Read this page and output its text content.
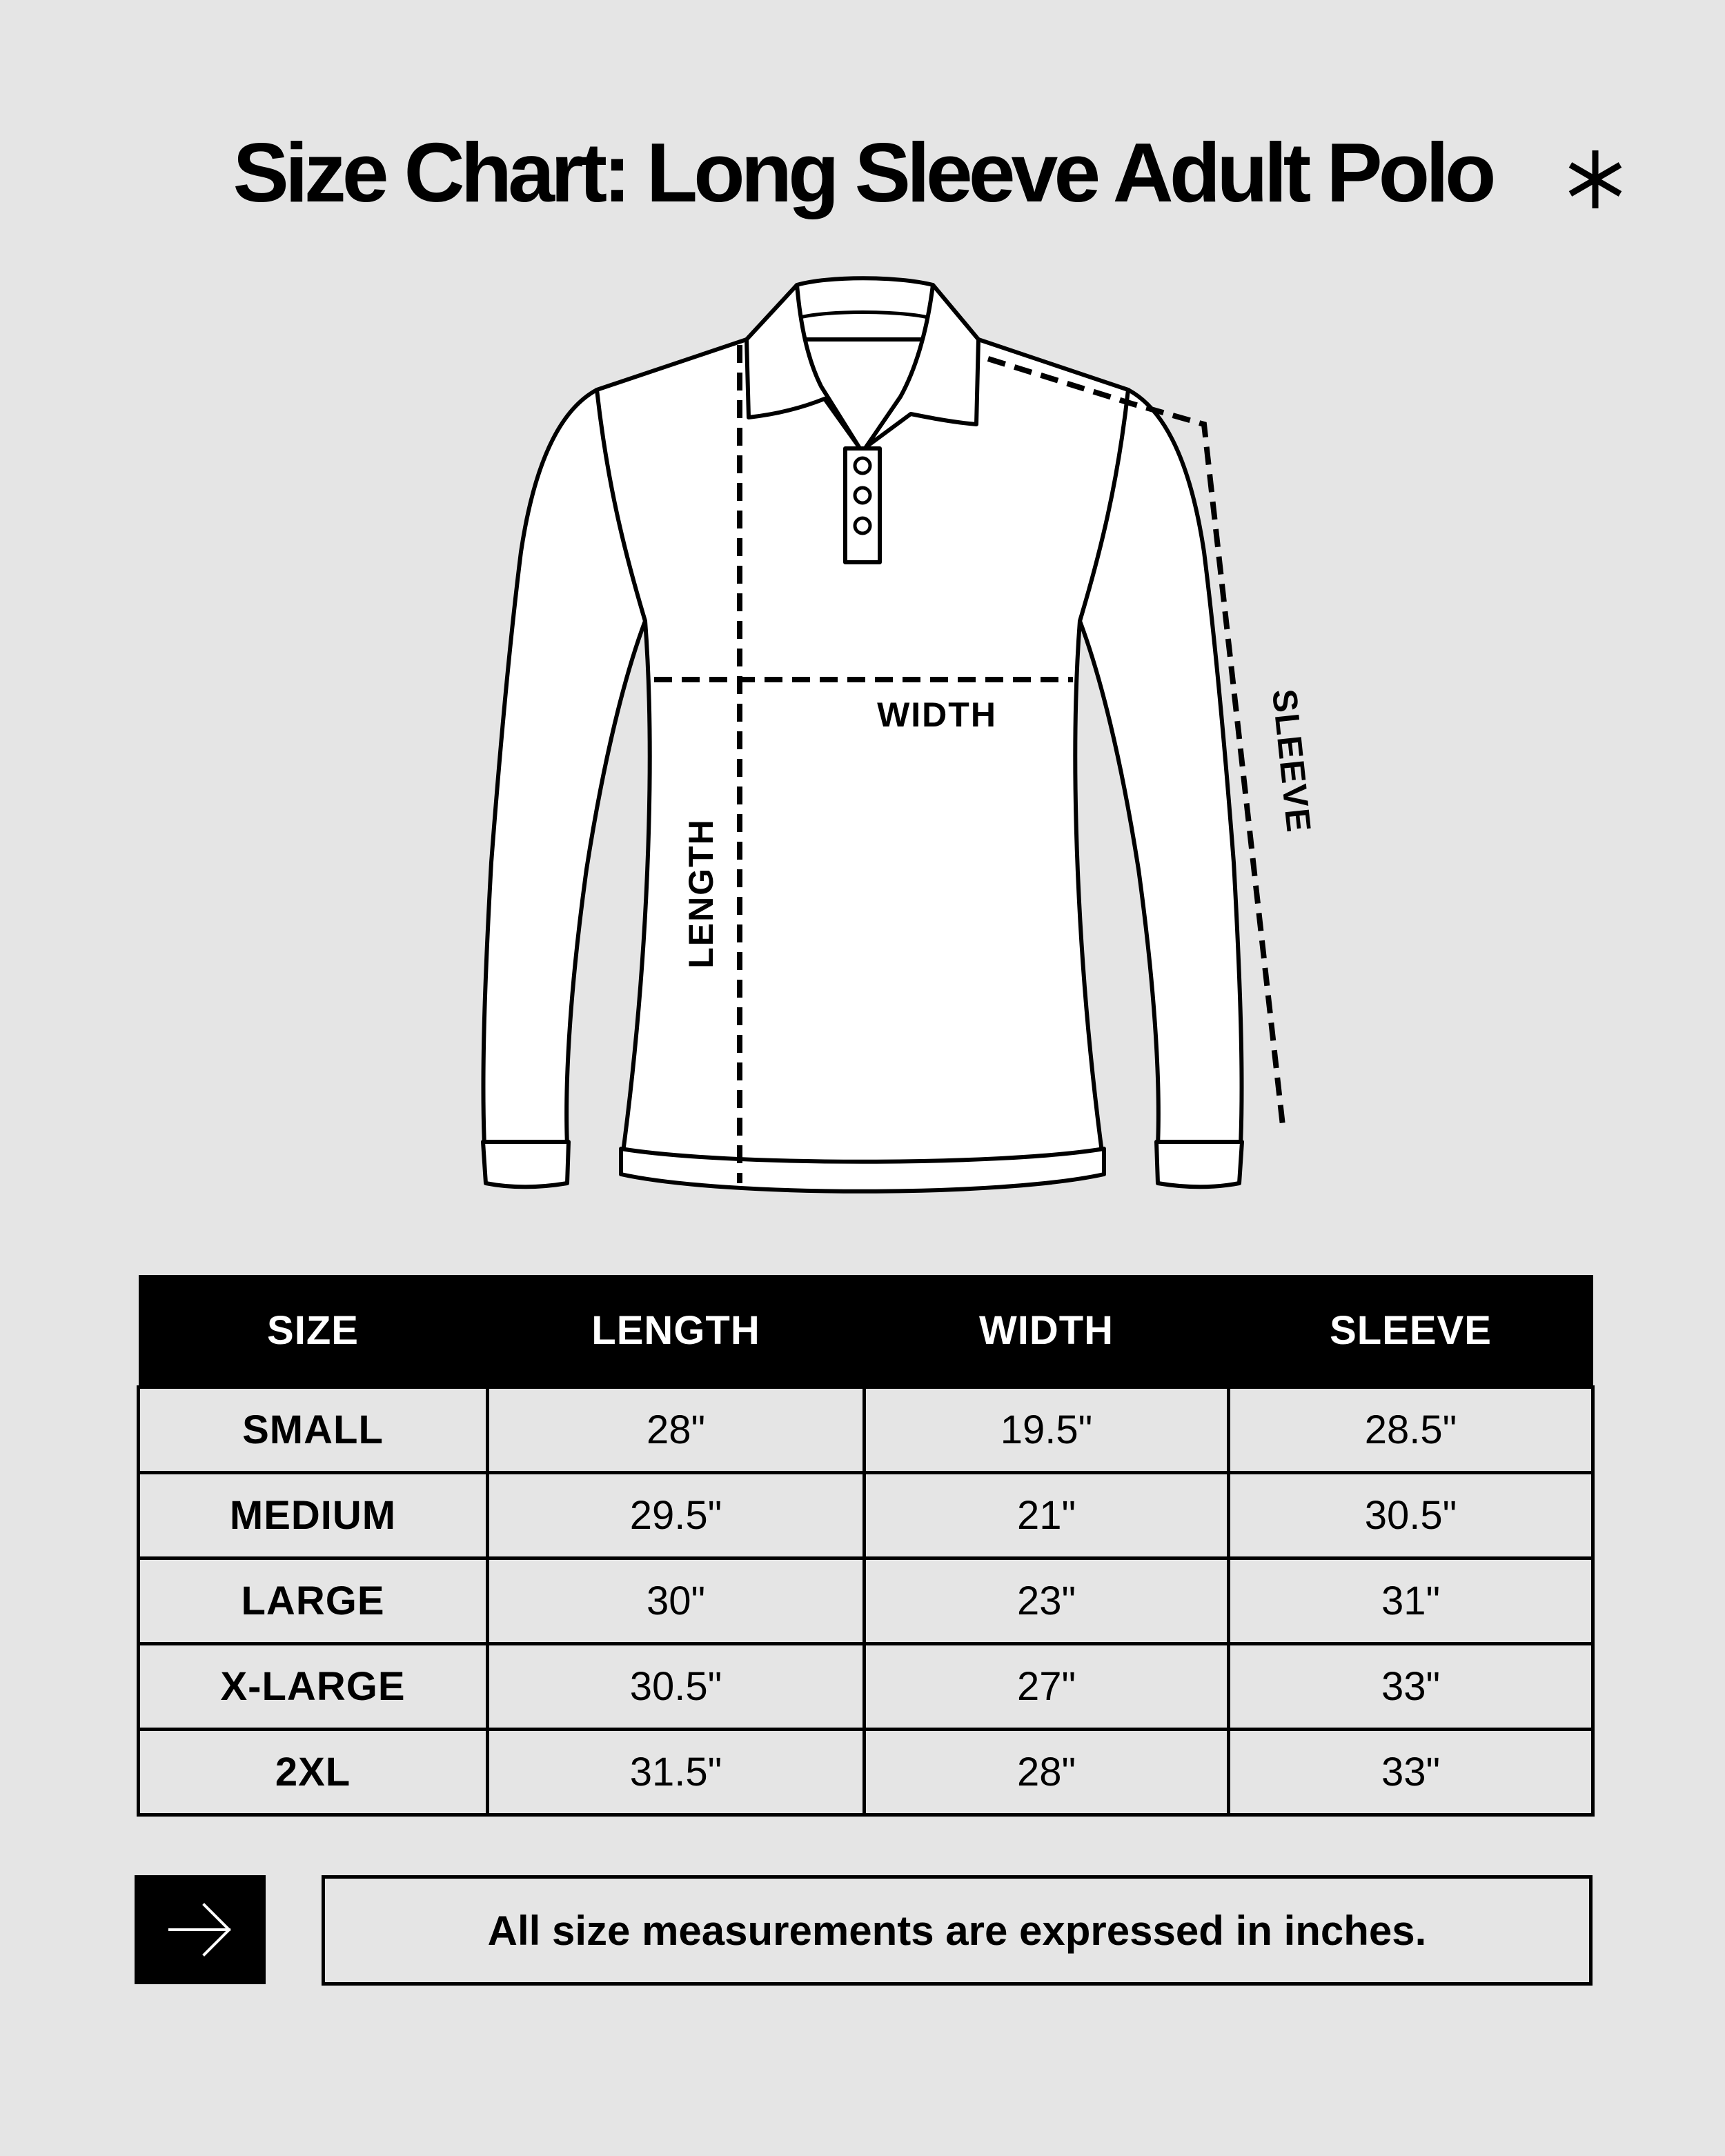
Size Chart: Long Sleeve Adult Polo
WIDTH
LENGTH
SLEEVE
SIZE	LENGTH	WIDTH	SLEEVE
SMALL	28"	19.5"	28.5"
MEDIUM	29.5"	21"	30.5"
LARGE	30"	23"	31"
X-LARGE	30.5"	27"	33"
2XL	31.5"	28"	33"
All size measurements are expressed in inches.
